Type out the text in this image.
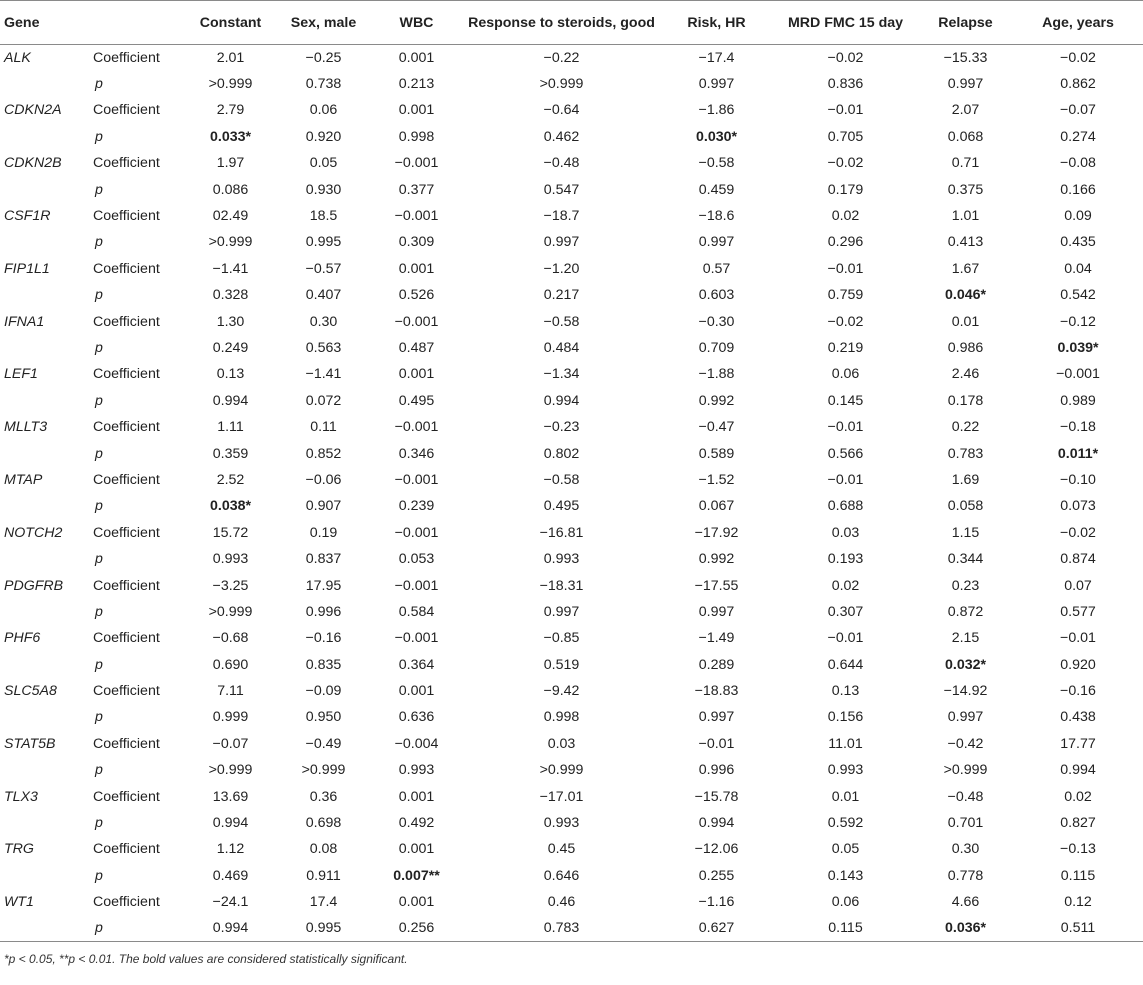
Gene		Constant	Sex, male	WBC	Response to steroids, good	Risk, HR	MRD FMC 15 day	Relapse	Age, years
ALK	Coefficient	2.01	−0.25	0.001	−0.22	−17.4	−0.02	−15.33	−0.02
	p	>0.999	0.738	0.213	>0.999	0.997	0.836	0.997	0.862
CDKN2A	Coefficient	2.79	0.06	0.001	−0.64	−1.86	−0.01	2.07	−0.07
	p	0.033*	0.920	0.998	0.462	0.030*	0.705	0.068	0.274
CDKN2B	Coefficient	1.97	0.05	−0.001	−0.48	−0.58	−0.02	0.71	−0.08
	p	0.086	0.930	0.377	0.547	0.459	0.179	0.375	0.166
CSF1R	Coefficient	02.49	18.5	−0.001	−18.7	−18.6	0.02	1.01	0.09
	p	>0.999	0.995	0.309	0.997	0.997	0.296	0.413	0.435
FIP1L1	Coefficient	−1.41	−0.57	0.001	−1.20	0.57	−0.01	1.67	0.04
	p	0.328	0.407	0.526	0.217	0.603	0.759	0.046*	0.542
IFNA1	Coefficient	1.30	0.30	−0.001	−0.58	−0.30	−0.02	0.01	−0.12
	p	0.249	0.563	0.487	0.484	0.709	0.219	0.986	0.039*
LEF1	Coefficient	0.13	−1.41	0.001	−1.34	−1.88	0.06	2.46	−0.001
	p	0.994	0.072	0.495	0.994	0.992	0.145	0.178	0.989
MLLT3	Coefficient	1.11	0.11	−0.001	−0.23	−0.47	−0.01	0.22	−0.18
	p	0.359	0.852	0.346	0.802	0.589	0.566	0.783	0.011*
MTAP	Coefficient	2.52	−0.06	−0.001	−0.58	−1.52	−0.01	1.69	−0.10
	p	0.038*	0.907	0.239	0.495	0.067	0.688	0.058	0.073
NOTCH2	Coefficient	15.72	0.19	−0.001	−16.81	−17.92	0.03	1.15	−0.02
	p	0.993	0.837	0.053	0.993	0.992	0.193	0.344	0.874
PDGFRB	Coefficient	−3.25	17.95	−0.001	−18.31	−17.55	0.02	0.23	0.07
	p	>0.999	0.996	0.584	0.997	0.997	0.307	0.872	0.577
PHF6	Coefficient	−0.68	−0.16	−0.001	−0.85	−1.49	−0.01	2.15	−0.01
	p	0.690	0.835	0.364	0.519	0.289	0.644	0.032*	0.920
SLC5A8	Coefficient	7.11	−0.09	0.001	−9.42	−18.83	0.13	−14.92	−0.16
	p	0.999	0.950	0.636	0.998	0.997	0.156	0.997	0.438
STAT5B	Coefficient	−0.07	−0.49	−0.004	0.03	−0.01	11.01	−0.42	17.77
	p	>0.999	>0.999	0.993	>0.999	0.996	0.993	>0.999	0.994
TLX3	Coefficient	13.69	0.36	0.001	−17.01	−15.78	0.01	−0.48	0.02
	p	0.994	0.698	0.492	0.993	0.994	0.592	0.701	0.827
TRG	Coefficient	1.12	0.08	0.001	0.45	−12.06	0.05	0.30	−0.13
	p	0.469	0.911	0.007**	0.646	0.255	0.143	0.778	0.115
WT1	Coefficient	−24.1	17.4	0.001	0.46	−1.16	0.06	4.66	0.12
	p	0.994	0.995	0.256	0.783	0.627	0.115	0.036*	0.511
*p < 0.05, **p < 0.01. The bold values are considered statistically significant.
